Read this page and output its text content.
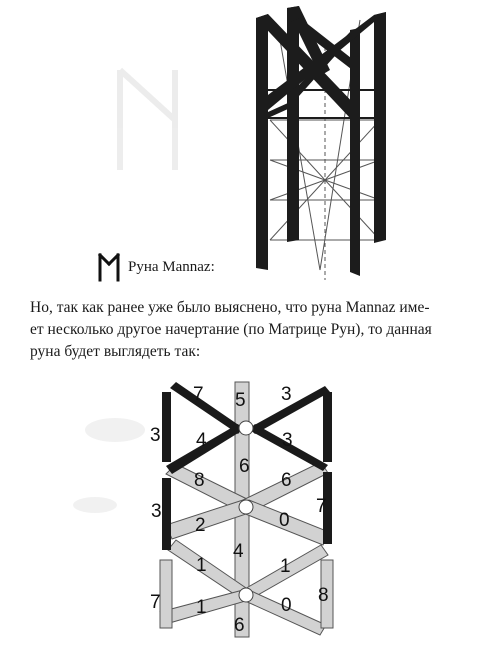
Руна Mannaz:
Но, так как ранее уже было выяснено, что руна Mannaz име-
ет несколько другое начертание (по Матрице Рун), то данная
руна будет выглядеть так:
7 5 3
3 4	3
6
8	6
3	7
2	0
4
1	1
7 1	0 8
6
